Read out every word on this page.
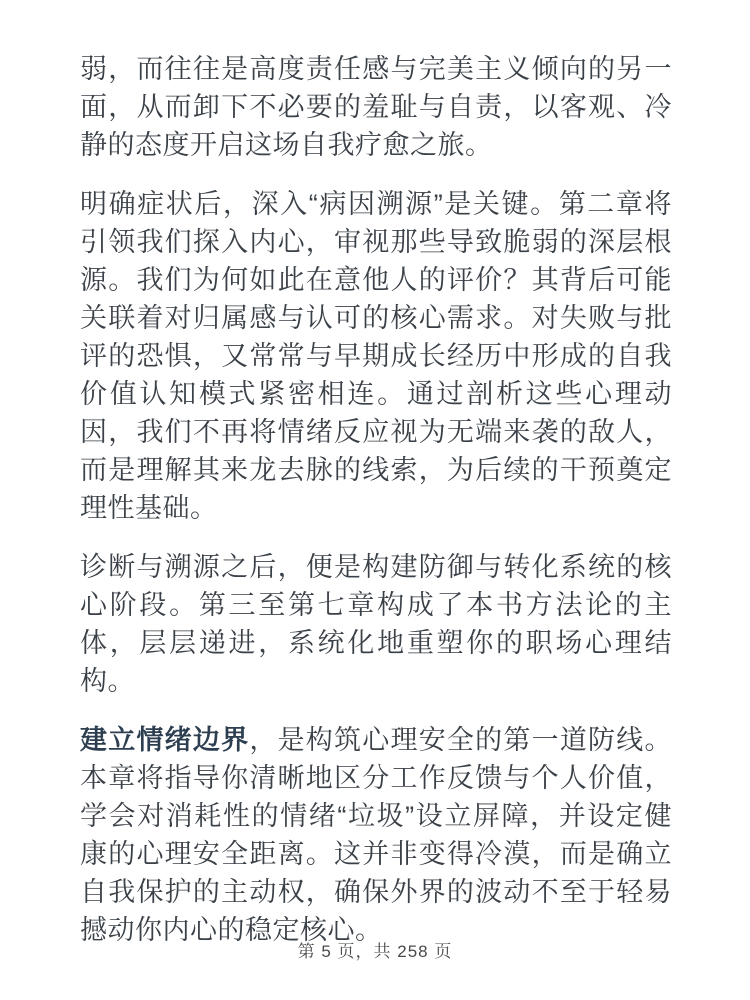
弱，而往往是高度责任感与完美主义倾向的另一面，从而卸下不必要的羞耻与自责，以客观、冷静的态度开启这场自我疗愈之旅。

明确症状后，深入“病因溯源”是关键。第二章将引领我们探入内心，审视那些导致脆弱的深层根源。我们为何如此在意他人的评价？其背后可能关联着对归属感与认可的核心需求。对失败与批评的恐惧，又常常与早期成长经历中形成的自我价值认知模式紧密相连。通过剖析这些心理动因，我们不再将情绪反应视为无端来袭的敌人，而是理解其来龙去脉的线索，为后续的干预奠定理性基础。

诊断与溯源之后，便是构建防御与转化系统的核心阶段。第三至第七章构成了本书方法论的主体，层层递进，系统化地重塑你的职场心理结构。

建立情绪边界，是构筑心理安全的第一道防线。本章将指导你清晰地区分工作反馈与个人价值，学会对消耗性的情绪“垃圾”设立屏障，并设定健康的心理安全距离。这并非变得冷漠，而是确立自我保护的主动权，确保外界的波动不至于轻易撼动你内心的稳定核心。

第 5 页，共 258 页
